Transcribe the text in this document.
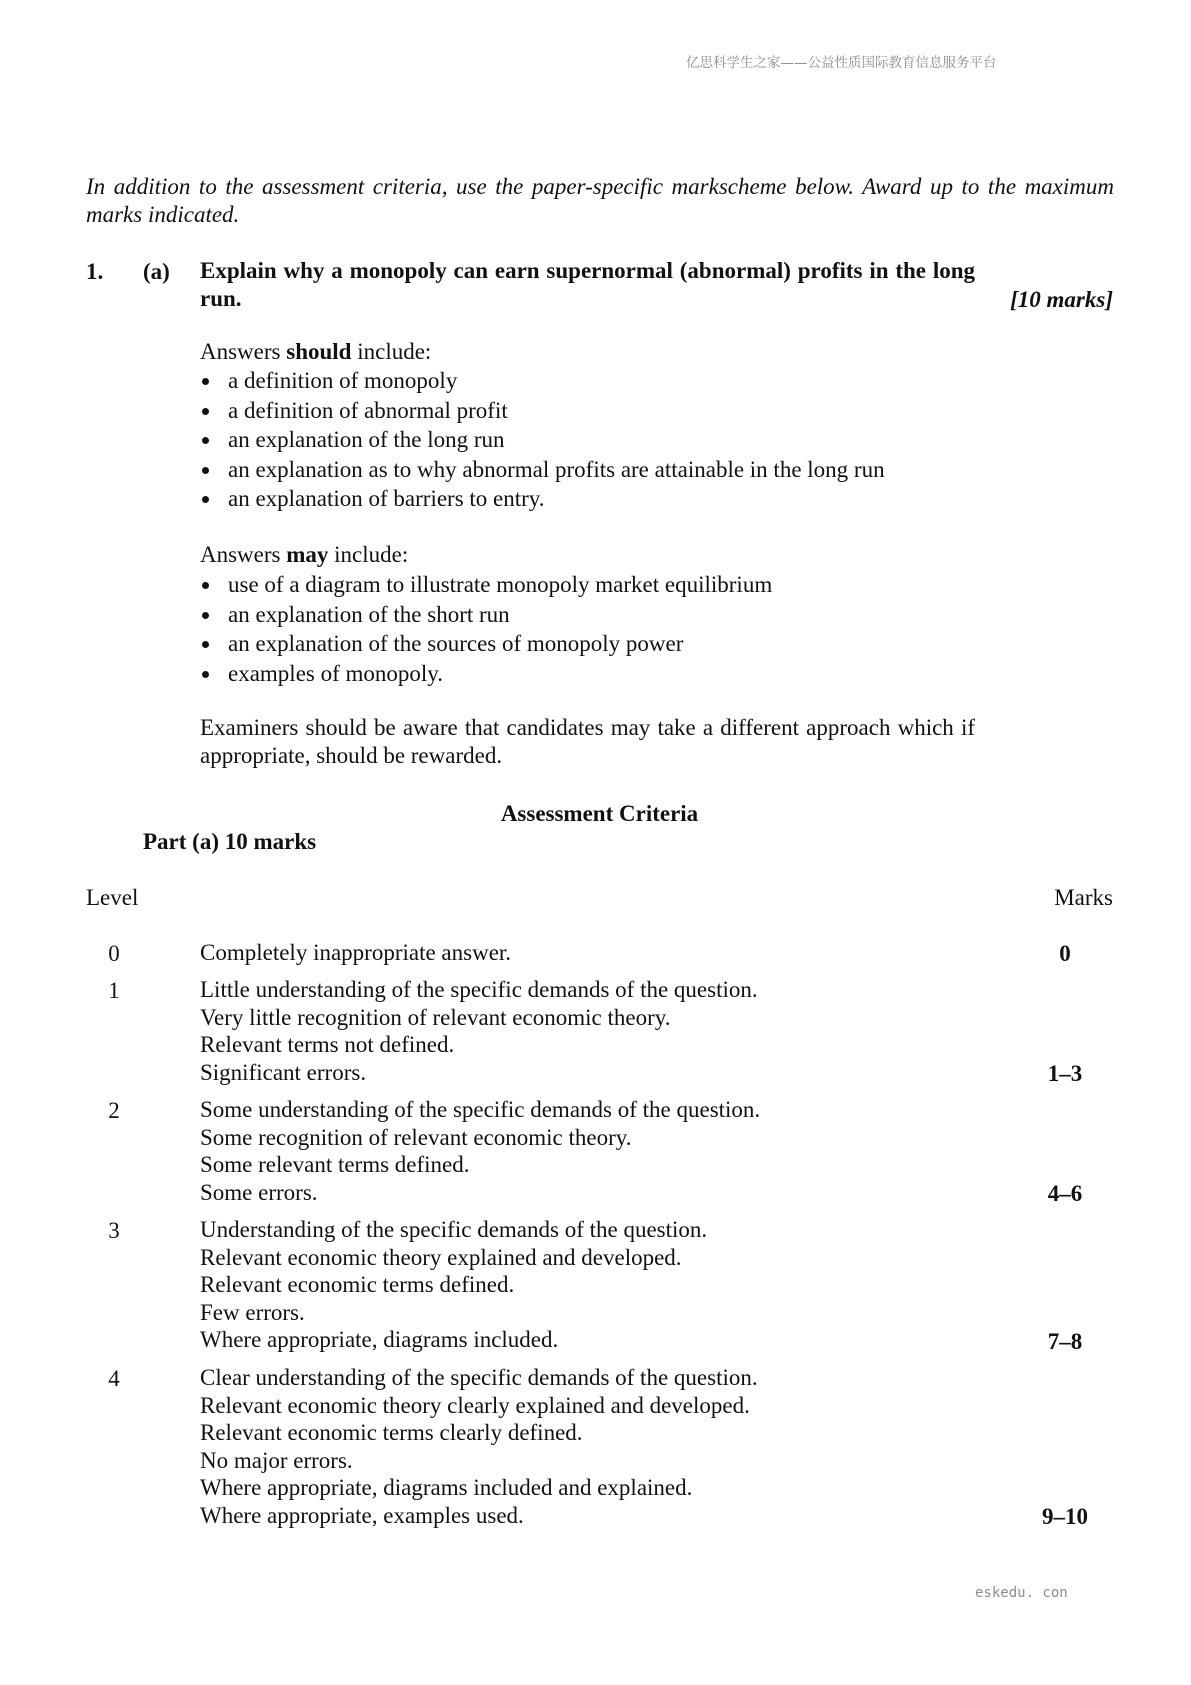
亿思科学生之家——公益性质国际教育信息服务平台
In addition to the assessment criteria, use the paper-specific markscheme below. Award up to the maximum marks indicated.
1. (a) Explain why a monopoly can earn supernormal (abnormal) profits in the long run.	[10 marks]
Answers should include:
a definition of monopoly
a definition of abnormal profit
an explanation of the long run
an explanation as to why abnormal profits are attainable in the long run
an explanation of barriers to entry.
Answers may include:
use of a diagram to illustrate monopoly market equilibrium
an explanation of the short run
an explanation of the sources of monopoly power
examples of monopoly.
Examiners should be aware that candidates may take a different approach which if appropriate, should be rewarded.
Assessment Criteria
Part (a) 10 marks
Level	Marks
0	Completely inappropriate answer.	0
1	Little understanding of the specific demands of the question.
Very little recognition of relevant economic theory.
Relevant terms not defined.
Significant errors.	1–3
2	Some understanding of the specific demands of the question.
Some recognition of relevant economic theory.
Some relevant terms defined.
Some errors.	4–6
3	Understanding of the specific demands of the question.
Relevant economic theory explained and developed.
Relevant economic terms defined.
Few errors.
Where appropriate, diagrams included.	7–8
4	Clear understanding of the specific demands of the question.
Relevant economic theory clearly explained and developed.
Relevant economic terms clearly defined.
No major errors.
Where appropriate, diagrams included and explained.
Where appropriate, examples used.	9–10
eskedu. con
